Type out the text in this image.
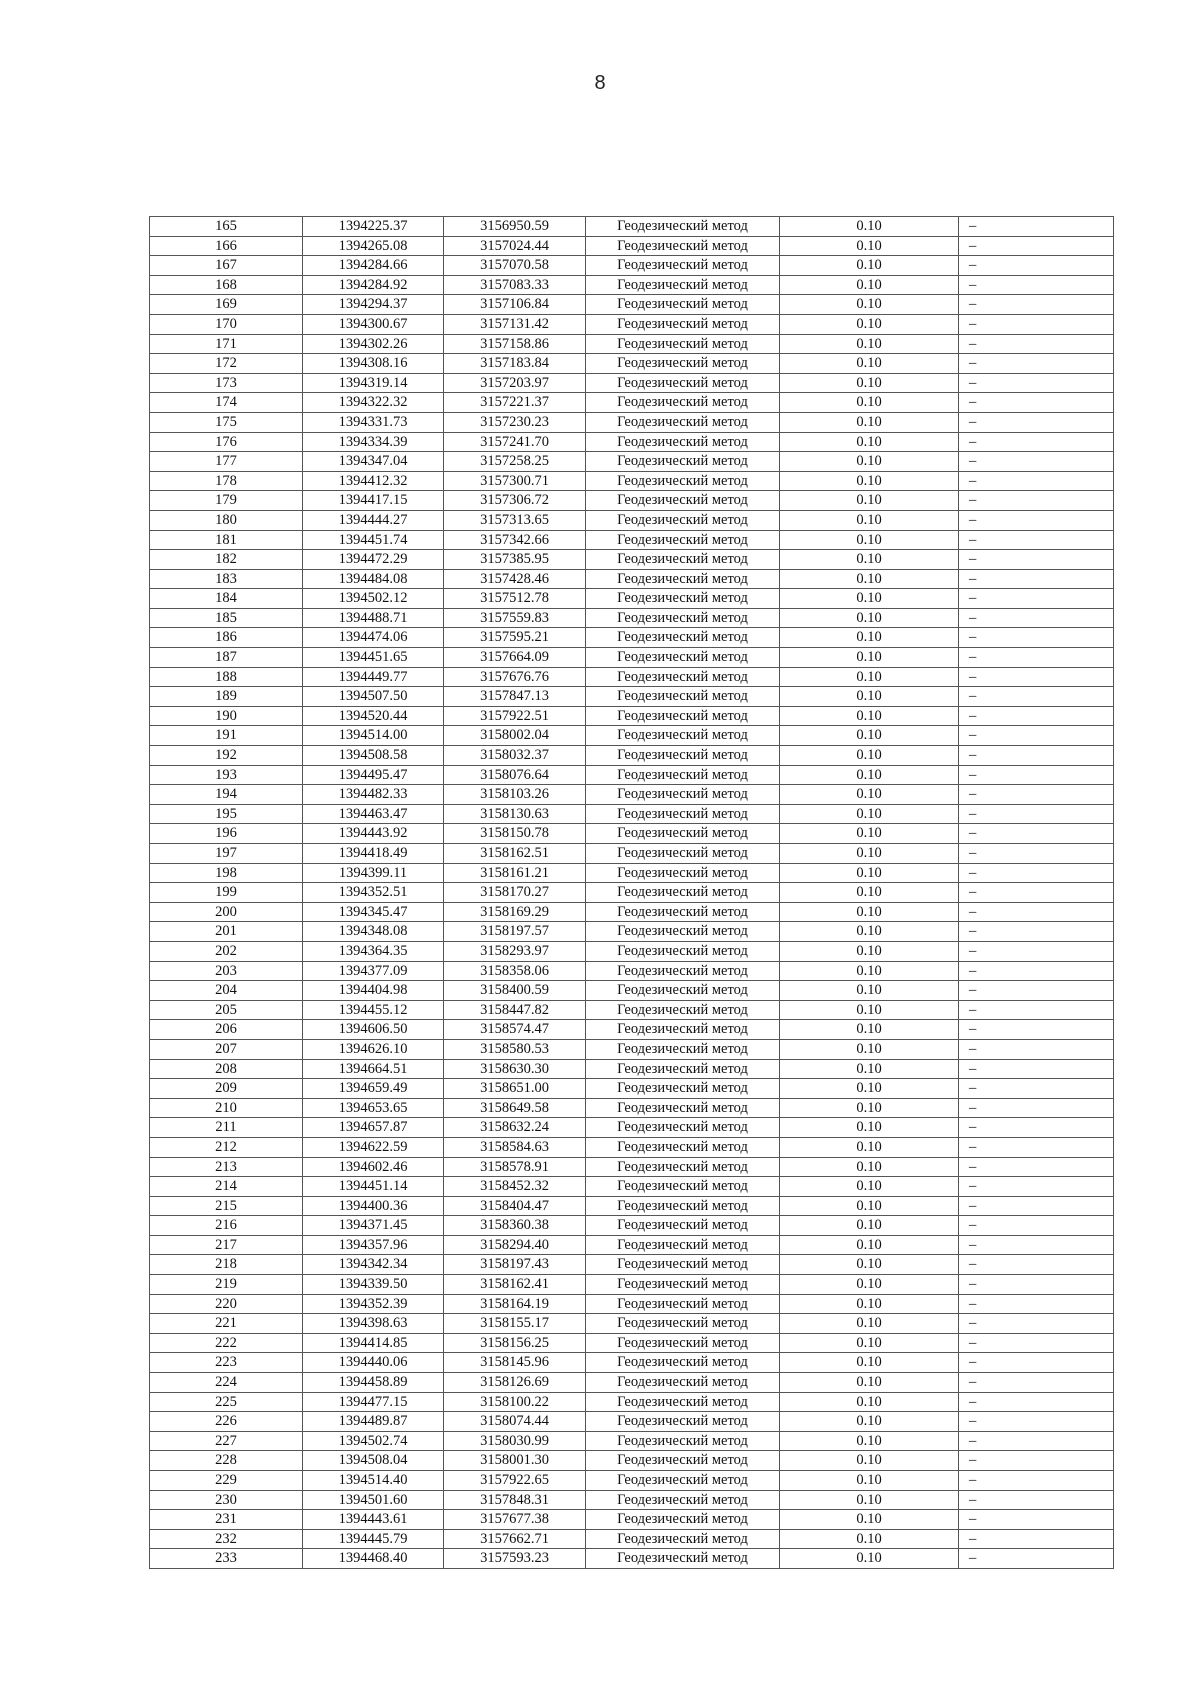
8
165	1394225.37	3156950.59	Геодезический метод	0.10	–
166	1394265.08	3157024.44	Геодезический метод	0.10	–
167	1394284.66	3157070.58	Геодезический метод	0.10	–
168	1394284.92	3157083.33	Геодезический метод	0.10	–
169	1394294.37	3157106.84	Геодезический метод	0.10	–
170	1394300.67	3157131.42	Геодезический метод	0.10	–
171	1394302.26	3157158.86	Геодезический метод	0.10	–
172	1394308.16	3157183.84	Геодезический метод	0.10	–
173	1394319.14	3157203.97	Геодезический метод	0.10	–
174	1394322.32	3157221.37	Геодезический метод	0.10	–
175	1394331.73	3157230.23	Геодезический метод	0.10	–
176	1394334.39	3157241.70	Геодезический метод	0.10	–
177	1394347.04	3157258.25	Геодезический метод	0.10	–
178	1394412.32	3157300.71	Геодезический метод	0.10	–
179	1394417.15	3157306.72	Геодезический метод	0.10	–
180	1394444.27	3157313.65	Геодезический метод	0.10	–
181	1394451.74	3157342.66	Геодезический метод	0.10	–
182	1394472.29	3157385.95	Геодезический метод	0.10	–
183	1394484.08	3157428.46	Геодезический метод	0.10	–
184	1394502.12	3157512.78	Геодезический метод	0.10	–
185	1394488.71	3157559.83	Геодезический метод	0.10	–
186	1394474.06	3157595.21	Геодезический метод	0.10	–
187	1394451.65	3157664.09	Геодезический метод	0.10	–
188	1394449.77	3157676.76	Геодезический метод	0.10	–
189	1394507.50	3157847.13	Геодезический метод	0.10	–
190	1394520.44	3157922.51	Геодезический метод	0.10	–
191	1394514.00	3158002.04	Геодезический метод	0.10	–
192	1394508.58	3158032.37	Геодезический метод	0.10	–
193	1394495.47	3158076.64	Геодезический метод	0.10	–
194	1394482.33	3158103.26	Геодезический метод	0.10	–
195	1394463.47	3158130.63	Геодезический метод	0.10	–
196	1394443.92	3158150.78	Геодезический метод	0.10	–
197	1394418.49	3158162.51	Геодезический метод	0.10	–
198	1394399.11	3158161.21	Геодезический метод	0.10	–
199	1394352.51	3158170.27	Геодезический метод	0.10	–
200	1394345.47	3158169.29	Геодезический метод	0.10	–
201	1394348.08	3158197.57	Геодезический метод	0.10	–
202	1394364.35	3158293.97	Геодезический метод	0.10	–
203	1394377.09	3158358.06	Геодезический метод	0.10	–
204	1394404.98	3158400.59	Геодезический метод	0.10	–
205	1394455.12	3158447.82	Геодезический метод	0.10	–
206	1394606.50	3158574.47	Геодезический метод	0.10	–
207	1394626.10	3158580.53	Геодезический метод	0.10	–
208	1394664.51	3158630.30	Геодезический метод	0.10	–
209	1394659.49	3158651.00	Геодезический метод	0.10	–
210	1394653.65	3158649.58	Геодезический метод	0.10	–
211	1394657.87	3158632.24	Геодезический метод	0.10	–
212	1394622.59	3158584.63	Геодезический метод	0.10	–
213	1394602.46	3158578.91	Геодезический метод	0.10	–
214	1394451.14	3158452.32	Геодезический метод	0.10	–
215	1394400.36	3158404.47	Геодезический метод	0.10	–
216	1394371.45	3158360.38	Геодезический метод	0.10	–
217	1394357.96	3158294.40	Геодезический метод	0.10	–
218	1394342.34	3158197.43	Геодезический метод	0.10	–
219	1394339.50	3158162.41	Геодезический метод	0.10	–
220	1394352.39	3158164.19	Геодезический метод	0.10	–
221	1394398.63	3158155.17	Геодезический метод	0.10	–
222	1394414.85	3158156.25	Геодезический метод	0.10	–
223	1394440.06	3158145.96	Геодезический метод	0.10	–
224	1394458.89	3158126.69	Геодезический метод	0.10	–
225	1394477.15	3158100.22	Геодезический метод	0.10	–
226	1394489.87	3158074.44	Геодезический метод	0.10	–
227	1394502.74	3158030.99	Геодезический метод	0.10	–
228	1394508.04	3158001.30	Геодезический метод	0.10	–
229	1394514.40	3157922.65	Геодезический метод	0.10	–
230	1394501.60	3157848.31	Геодезический метод	0.10	–
231	1394443.61	3157677.38	Геодезический метод	0.10	–
232	1394445.79	3157662.71	Геодезический метод	0.10	–
233	1394468.40	3157593.23	Геодезический метод	0.10	–
